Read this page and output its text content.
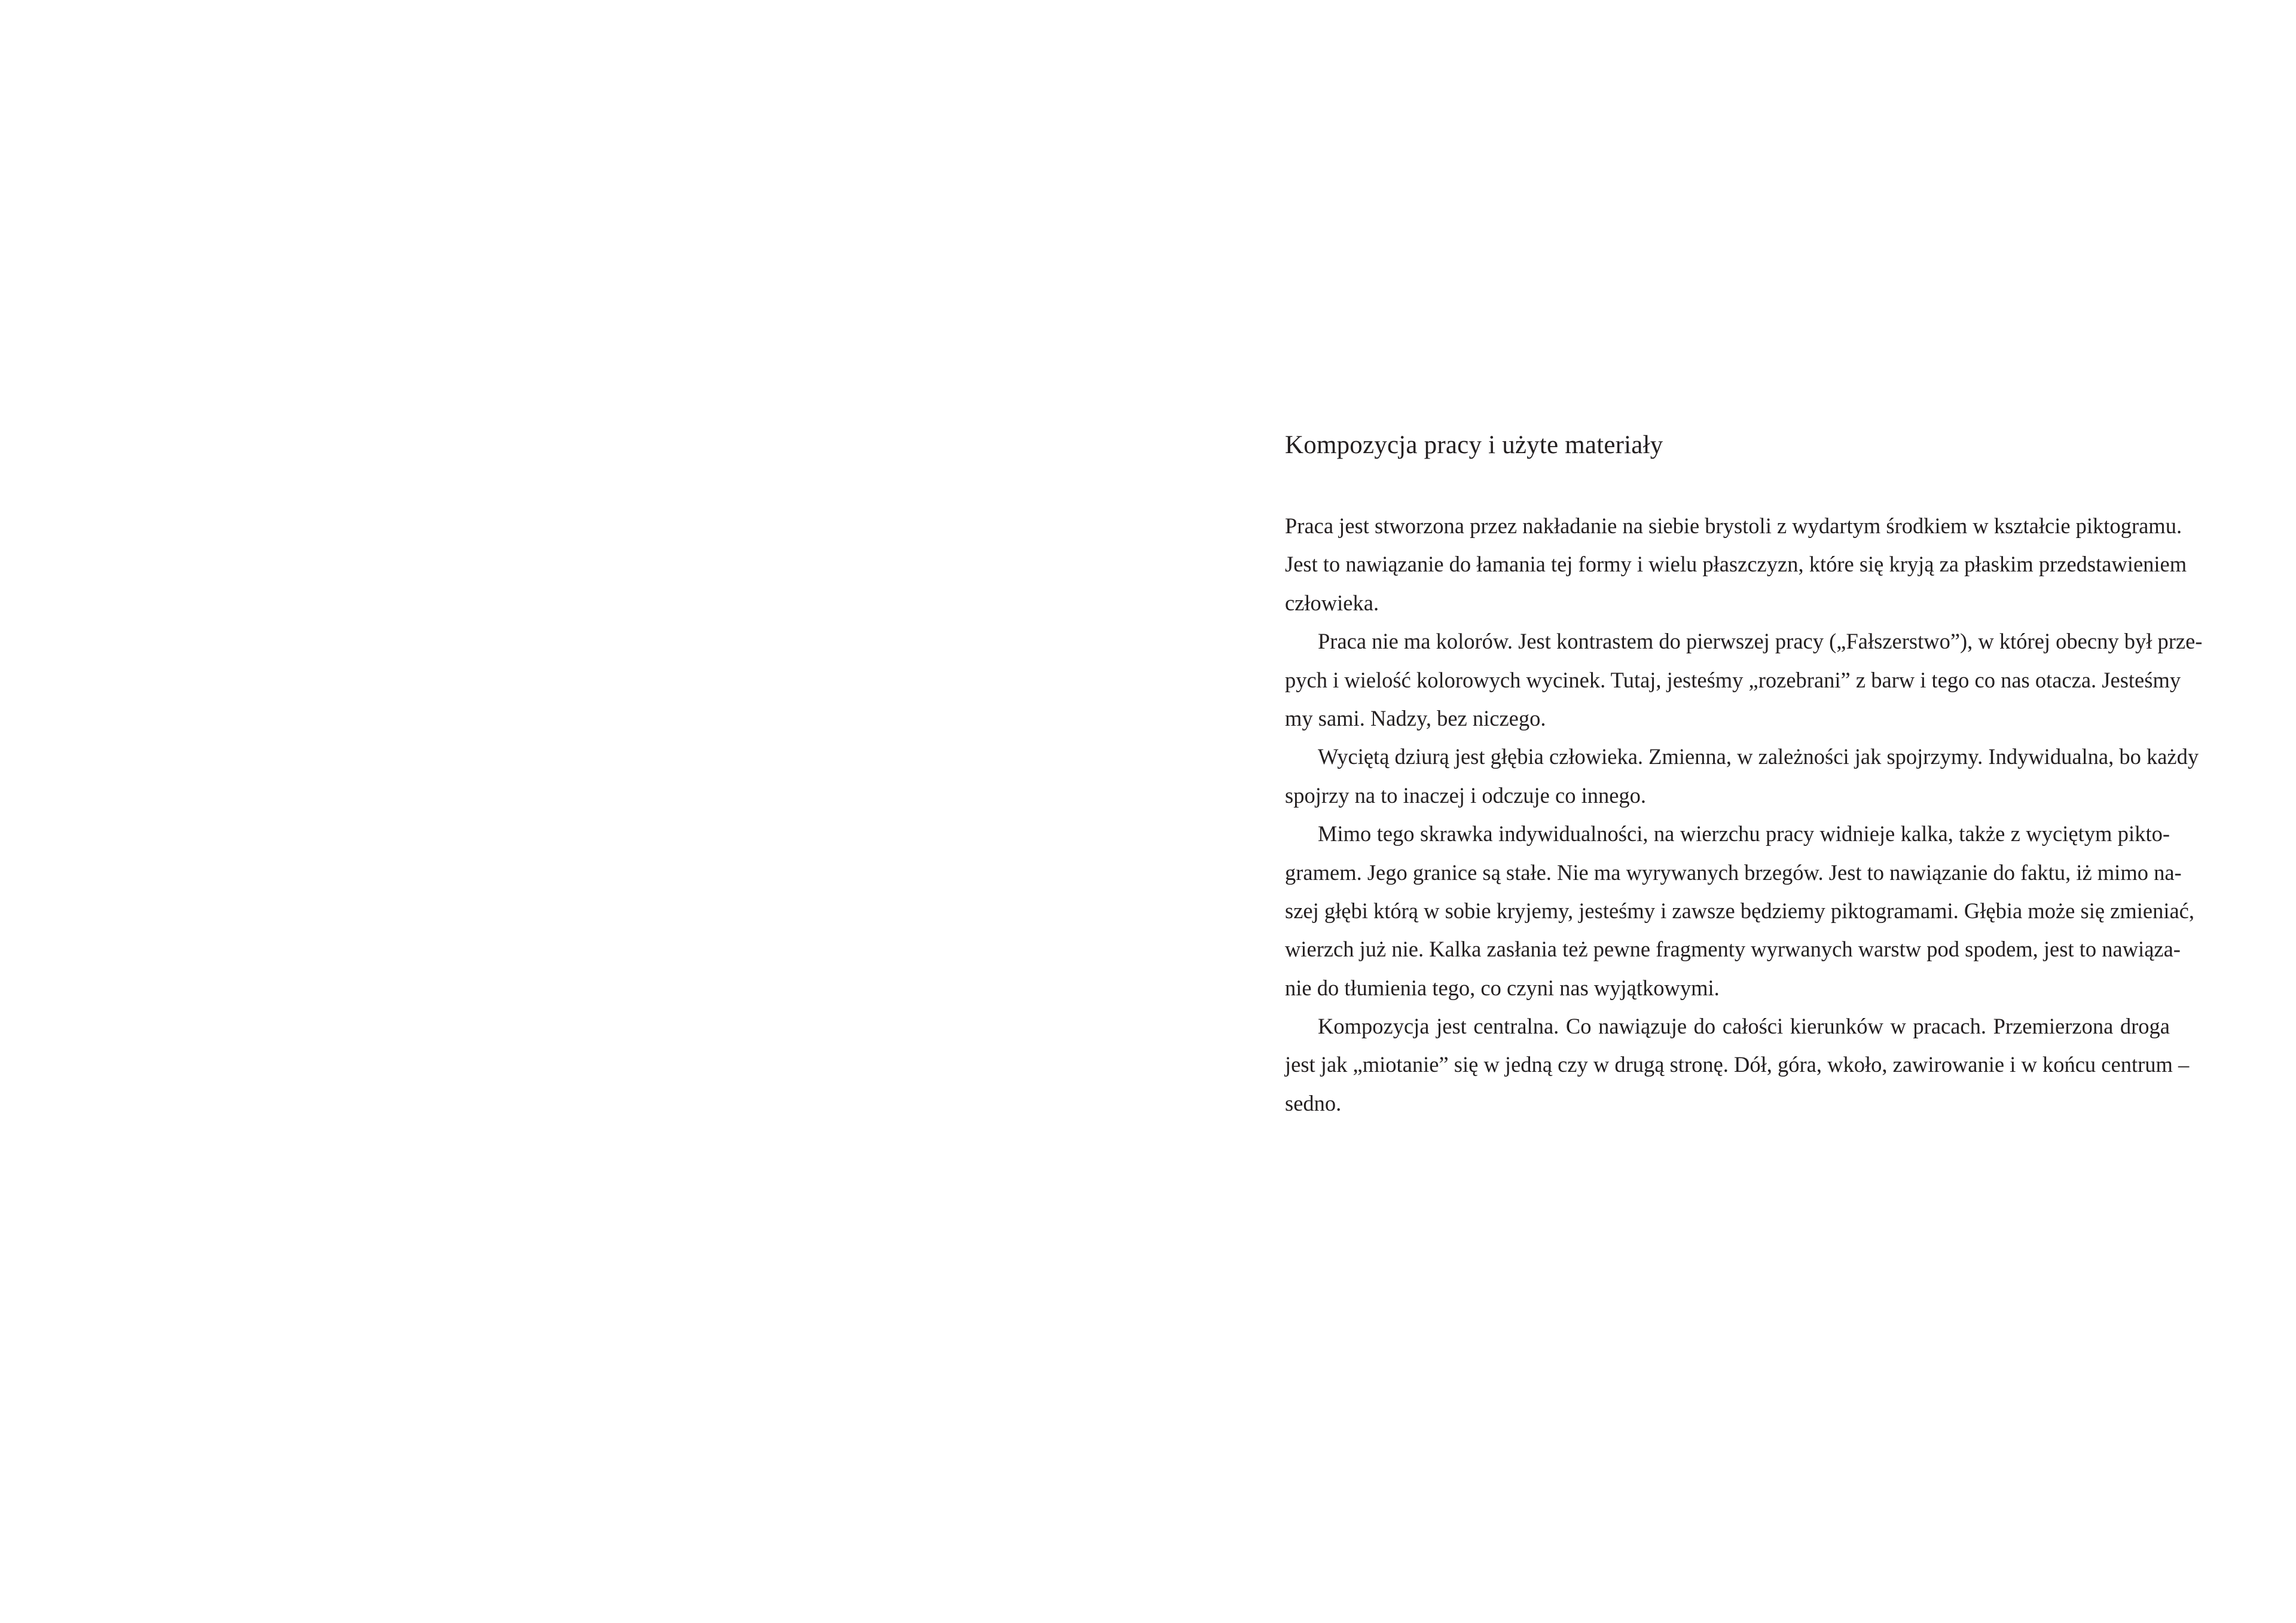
Kompozycja pracy i użyte materiały
Praca jest stworzona przez nakładanie na siebie brystoli z wydartym środkiem w kształcie piktogramu.
Jest to nawiązanie do łamania tej formy i wielu płaszczyzn, które się kryją za płaskim przedstawieniem
człowieka.
Praca nie ma kolorów. Jest kontrastem do pierwszej pracy („Fałszerstwo”), w której obecny był prze-
pych i wielość kolorowych wycinek. Tutaj, jesteśmy „rozebrani” z barw i tego co nas otacza. Jesteśmy
my sami. Nadzy, bez niczego.
Wyciętą dziurą jest głębia człowieka. Zmienna, w zależności jak spojrzymy. Indywidualna, bo każdy
spojrzy na to inaczej i odczuje co innego.
Mimo tego skrawka indywidualności, na wierzchu pracy widnieje kalka, także z wyciętym pikto-
gramem. Jego granice są stałe. Nie ma wyrywanych brzegów. Jest to nawiązanie do faktu, iż mimo na-
szej głębi którą w sobie kryjemy, jesteśmy i zawsze będziemy piktogramami. Głębia może się zmieniać,
wierzch już nie. Kalka zasłania też pewne fragmenty wyrwanych warstw pod spodem, jest to nawiąza-
nie do tłumienia tego, co czyni nas wyjątkowymi.
Kompozycja jest centralna. Co nawiązuje do całości kierunków w pracach. Przemierzona droga
jest jak „miotanie” się w jedną czy w drugą stronę. Dół, góra, wkoło, zawirowanie i w końcu centrum –
sedno.
